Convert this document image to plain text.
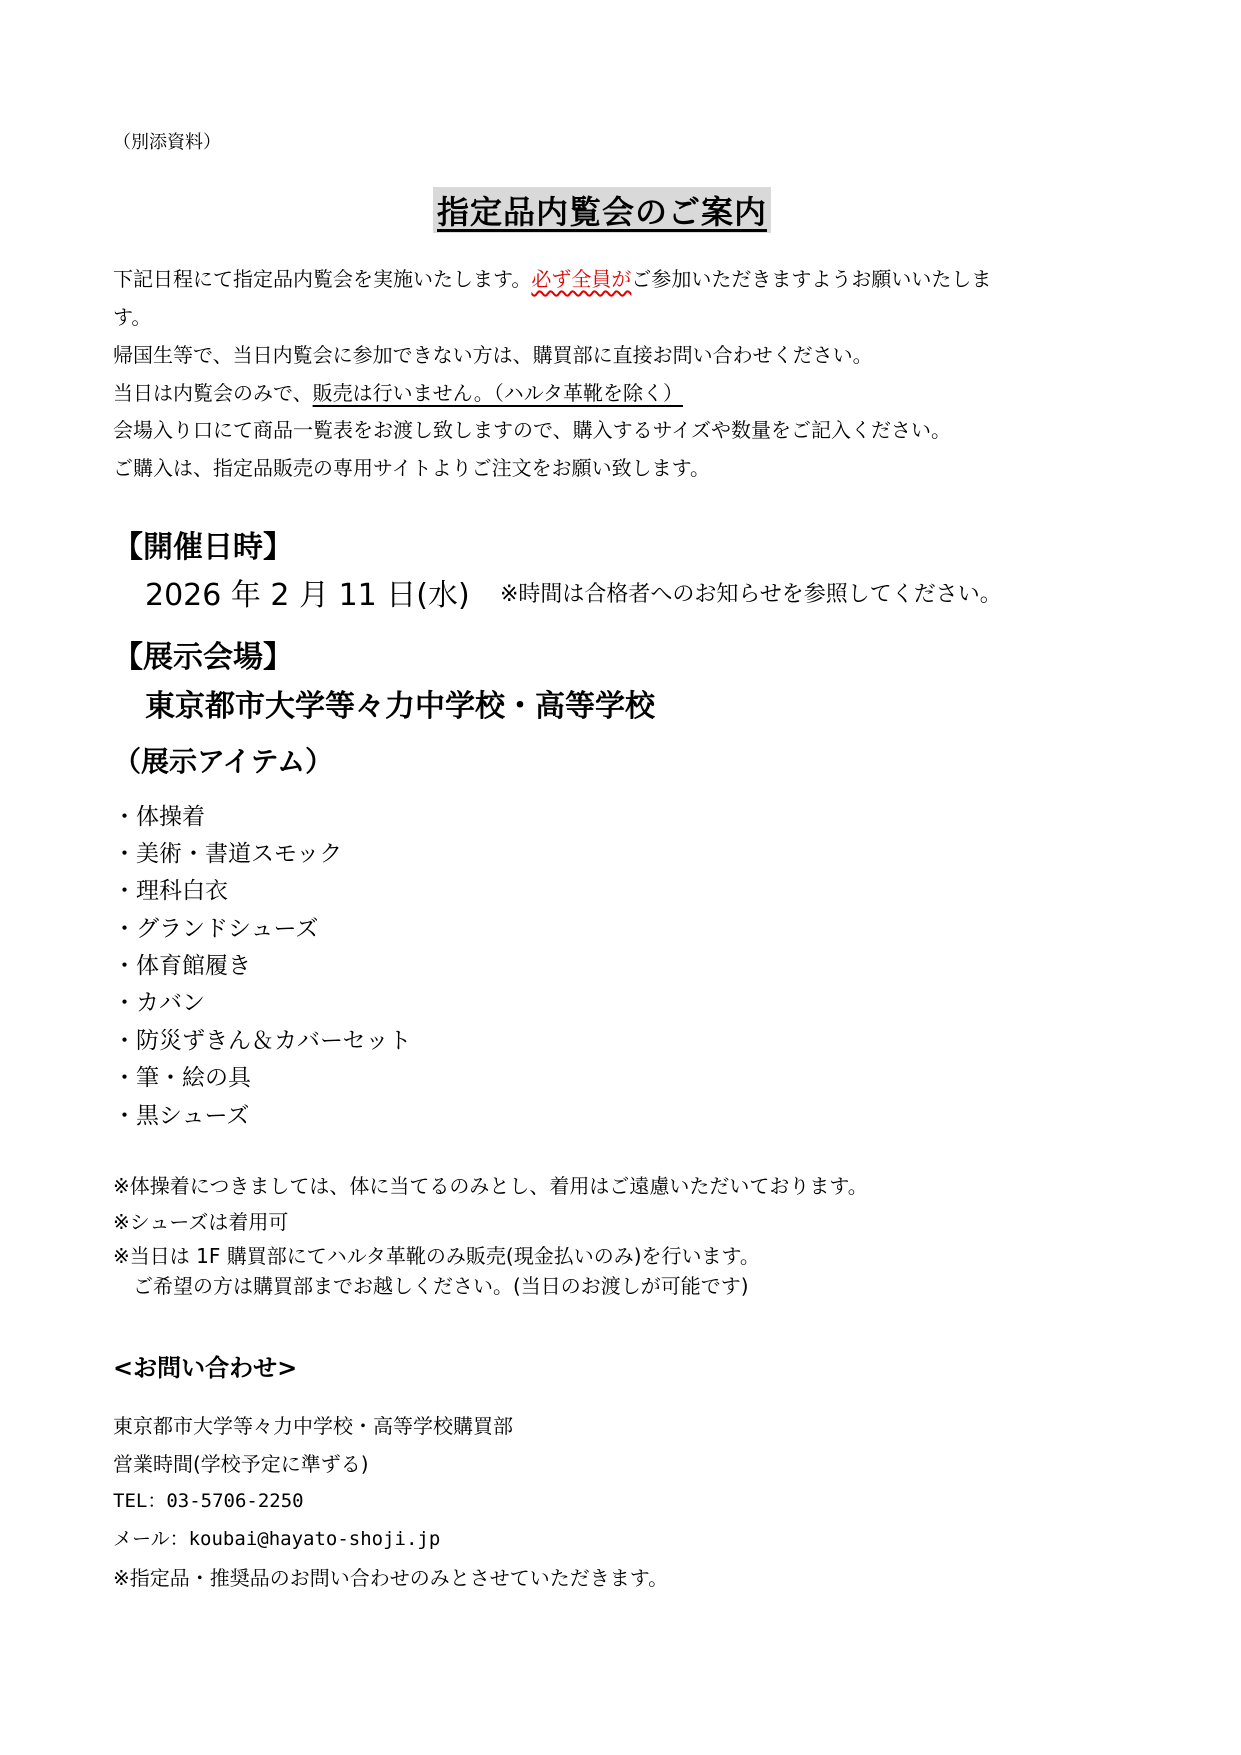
（別添資料）
指定品内覧会のご案内
下記日程にて指定品内覧会を実施いたします。必ず全員がご参加いただきますようお願いいたしま
す。
帰国生等で、当日内覧会に参加できない方は、購買部に直接お問い合わせください。
当日は内覧会のみで、販売は行いません。（ハルタ革靴を除く）
会場入り口にて商品一覧表をお渡し致しますので、購入するサイズや数量をご記入ください。
ご購入は、指定品販売の専用サイトよりご注文をお願い致します。
【開催日時】
2026 年 2 月 11 日(水) ※時間は合格者へのお知らせを参照してください。
【展示会場】
東京都市大学等々力中学校・高等学校
（展示アイテム）
・体操着
・美術・書道スモック
・理科白衣
・グランドシューズ
・体育館履き
・カバン
・防災ずきん＆カバーセット
・筆・絵の具
・黒シューズ
※体操着につきましては、体に当てるのみとし、着用はご遠慮いただいております。
※シューズは着用可
※当日は 1F 購買部にてハルタ革靴のみ販売(現金払いのみ)を行います。
　ご希望の方は購買部までお越しください。(当日のお渡しが可能です)
<お問い合わせ>
東京都市大学等々力中学校・高等学校購買部
営業時間(学校予定に準ずる)
TEL：03-5706-2250
メール：koubai@hayato-shoji.jp
※指定品・推奨品のお問い合わせのみとさせていただきます。
